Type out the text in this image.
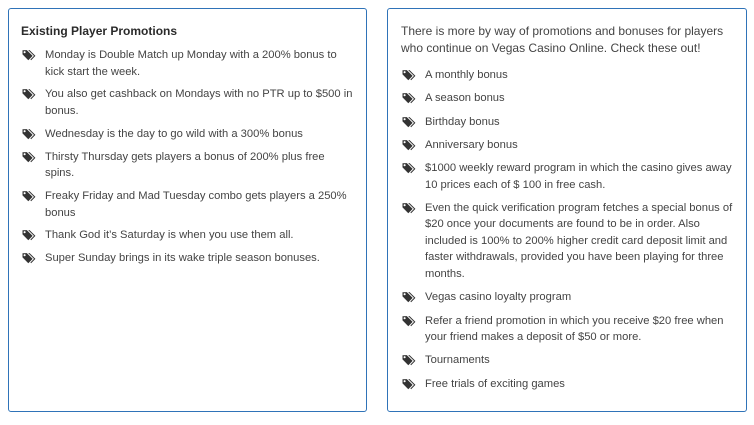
Existing Player Promotions
Monday is Double Match up Monday with a 200% bonus to kick start the week.
You also get cashback on Mondays with no PTR up to $500 in bonus.
Wednesday is the day to go wild with a 300% bonus
Thirsty Thursday gets players a bonus of 200% plus free spins.
Freaky Friday and Mad Tuesday combo gets players a 250% bonus
Thank God it’s Saturday is when you use them all.
Super Sunday brings in its wake triple season bonuses.
There is more by way of promotions and bonuses for players who continue on Vegas Casino Online. Check these out!
A monthly bonus
A season bonus
Birthday bonus
Anniversary bonus
$1000 weekly reward program in which the casino gives away 10 prices each of $ 100 in free cash.
Even the quick verification program fetches a special bonus of $20 once your documents are found to be in order. Also included is 100% to 200% higher credit card deposit limit and faster withdrawals, provided you have been playing for three months.
Vegas casino loyalty program
Refer a friend promotion in which you receive $20 free when your friend makes a deposit of $50 or more.
Tournaments
Free trials of exciting games
